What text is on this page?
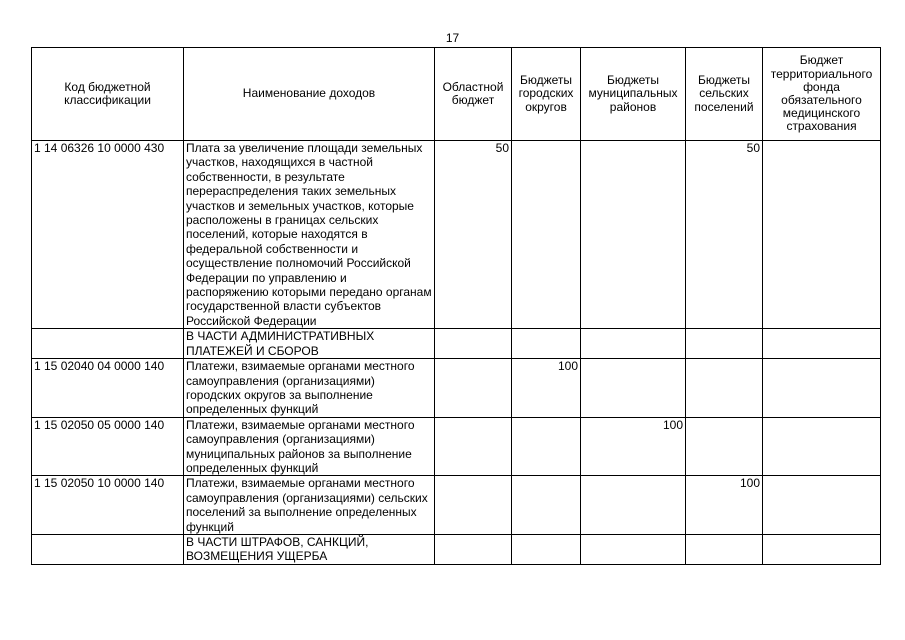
17
Код бюджетной классификации	Наименование доходов	Областной бюджет	Бюджеты городских округов	Бюджеты муниципальных районов	Бюджеты сельских поселений	Бюджет территориального фонда обязательного медицинского страхования
1 14 06326 10 0000 430	Плата за увеличение площади земельных участков, находящихся в частной собственности, в результате перераспределения таких земельных участков и земельных участков, которые расположены в границах сельских поселений, которые находятся в федеральной собственности и осуществление полномочий Российской Федерации по управлению и распоряжению которыми передано органам государственной власти субъектов Российской Федерации	50			50	
	В ЧАСТИ АДМИНИСТРАТИВНЫХ ПЛАТЕЖЕЙ И СБОРОВ					
1 15 02040 04 0000 140	Платежи, взимаемые органами местного самоуправления (организациями) городских округов за выполнение определенных функций		100			
1 15 02050 05 0000 140	Платежи, взимаемые органами местного самоуправления (организациями) муниципальных районов за выполнение определенных функций			100		
1 15 02050 10 0000 140	Платежи, взимаемые органами местного самоуправления (организациями) сельских поселений за выполнение определенных функций				100	
	В ЧАСТИ ШТРАФОВ, САНКЦИЙ, ВОЗМЕЩЕНИЯ УЩЕРБА					
